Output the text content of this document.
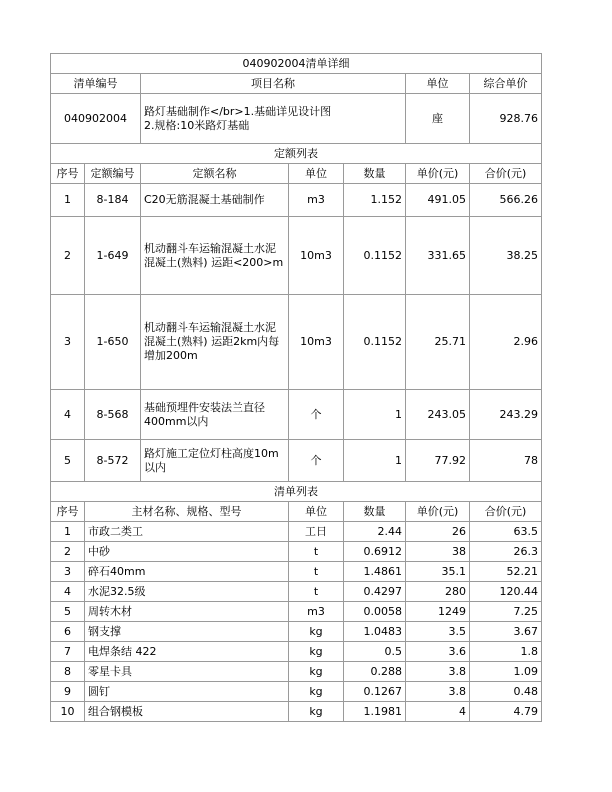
040902004清单详细						
清单编号		项目名称			单位	综合单价
040902004		路灯基础制作</br>1.基础详见设计图
2.规格:10米路灯基础			座	928.76
定额列表						
序号	定额编号	定额名称	单位	数量	单价(元)	合价(元)
1	8-184	C20无筋混凝土基础制作	m3	1.152	491.05	566.26
2	1-649	机动翻斗车运输混凝土水泥混凝土(熟料) 运距<200>m	10m3	0.1152	331.65	38.25
3	1-650	机动翻斗车运输混凝土水泥混凝土(熟料) 运距2km内每增加200m	10m3	0.1152	25.71	2.96
4	8-568	基础预埋件安装法兰直径400mm以内	个	1	243.05	243.29
5	8-572	路灯施工定位灯柱高度10m以内	个	1	77.92	78
清单列表						
序号	主材名称、规格、型号		单位	数量	单价(元)	合价(元)
1	市政二类工		工日	2.44	26	63.5
2	中砂		t	0.6912	38	26.3
3	碎石40mm		t	1.4861	35.1	52.21
4	水泥32.5级		t	0.4297	280	120.44
5	周转木材		m3	0.0058	1249	7.25
6	钢支撑		kg	1.0483	3.5	3.67
7	电焊条结 422		kg	0.5	3.6	1.8
8	零星卡具		kg	0.288	3.8	1.09
9	圆钉		kg	0.1267	3.8	0.48
10	组合钢模板		kg	1.1981	4	4.79
